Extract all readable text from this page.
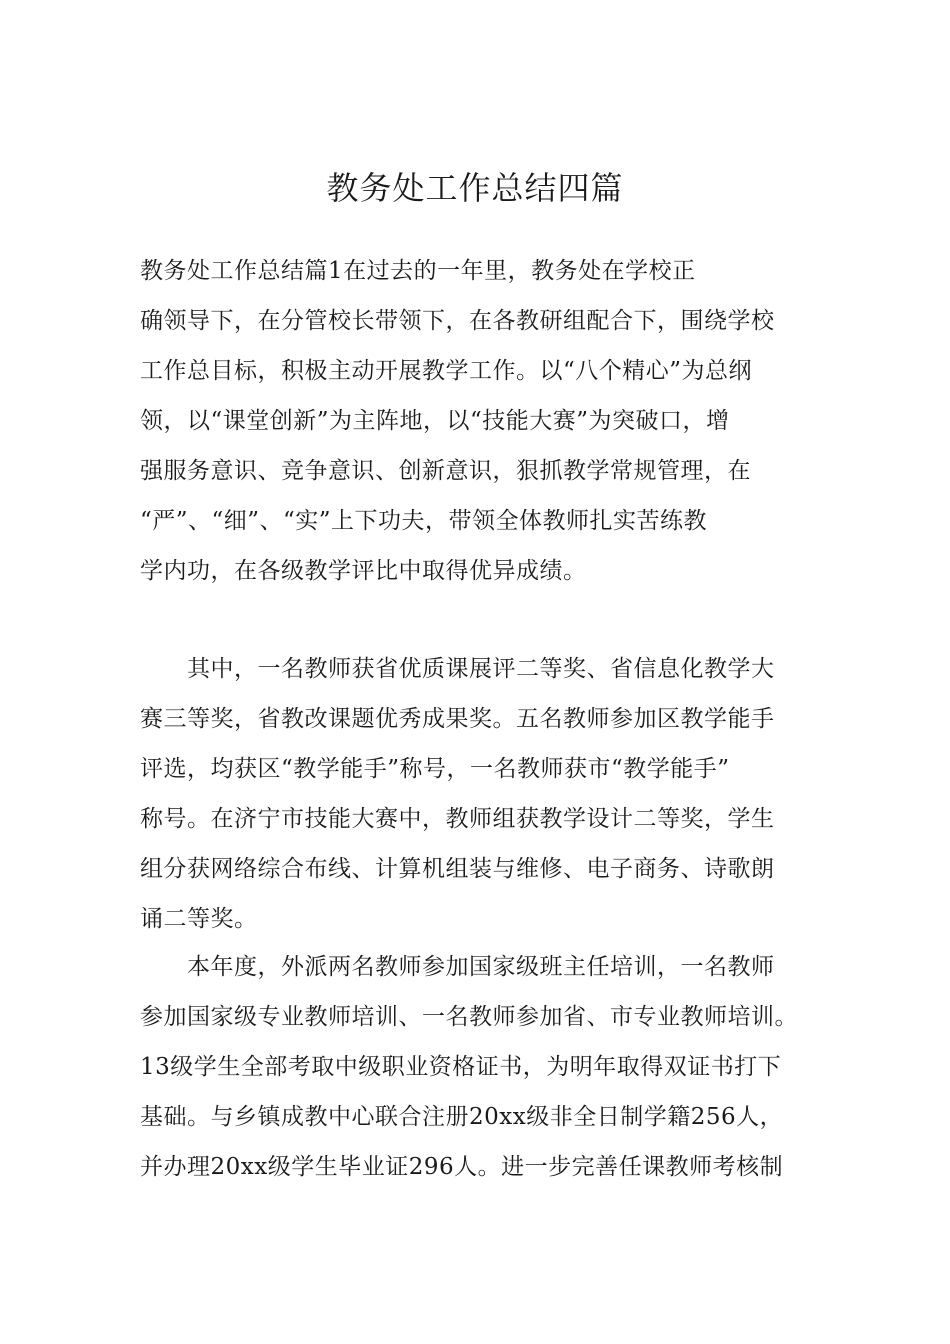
教务处工作总结四篇
教务处工作总结篇1在过去的一年里，教务处在学校正
确领导下，在分管校长带领下，在各教研组配合下，围绕学校
工作总目标，积极主动开展教学工作。以“八个精心”为总纲
领，以“课堂创新”为主阵地，以“技能大赛”为突破口，增
强服务意识、竞争意识、创新意识，狠抓教学常规管理，在
“严”、“细”、“实”上下功夫，带领全体教师扎实苦练教
学内功，在各级教学评比中取得优异成绩。
　　其中，一名教师获省优质课展评二等奖、省信息化教学大
赛三等奖，省教改课题优秀成果奖。五名教师参加区教学能手
评选，均获区“教学能手”称号，一名教师获市“教学能手”
称号。在济宁市技能大赛中，教师组获教学设计二等奖，学生
组分获网络综合布线、计算机组装与维修、电子商务、诗歌朗
诵二等奖。
　　本年度，外派两名教师参加国家级班主任培训，一名教师
参加国家级专业教师培训、一名教师参加省、市专业教师培训。
13级学生全部考取中级职业资格证书，为明年取得双证书打下
基础。与乡镇成教中心联合注册20xx级非全日制学籍256人，
并办理20xx级学生毕业证296人。进一步完善任课教师考核制
